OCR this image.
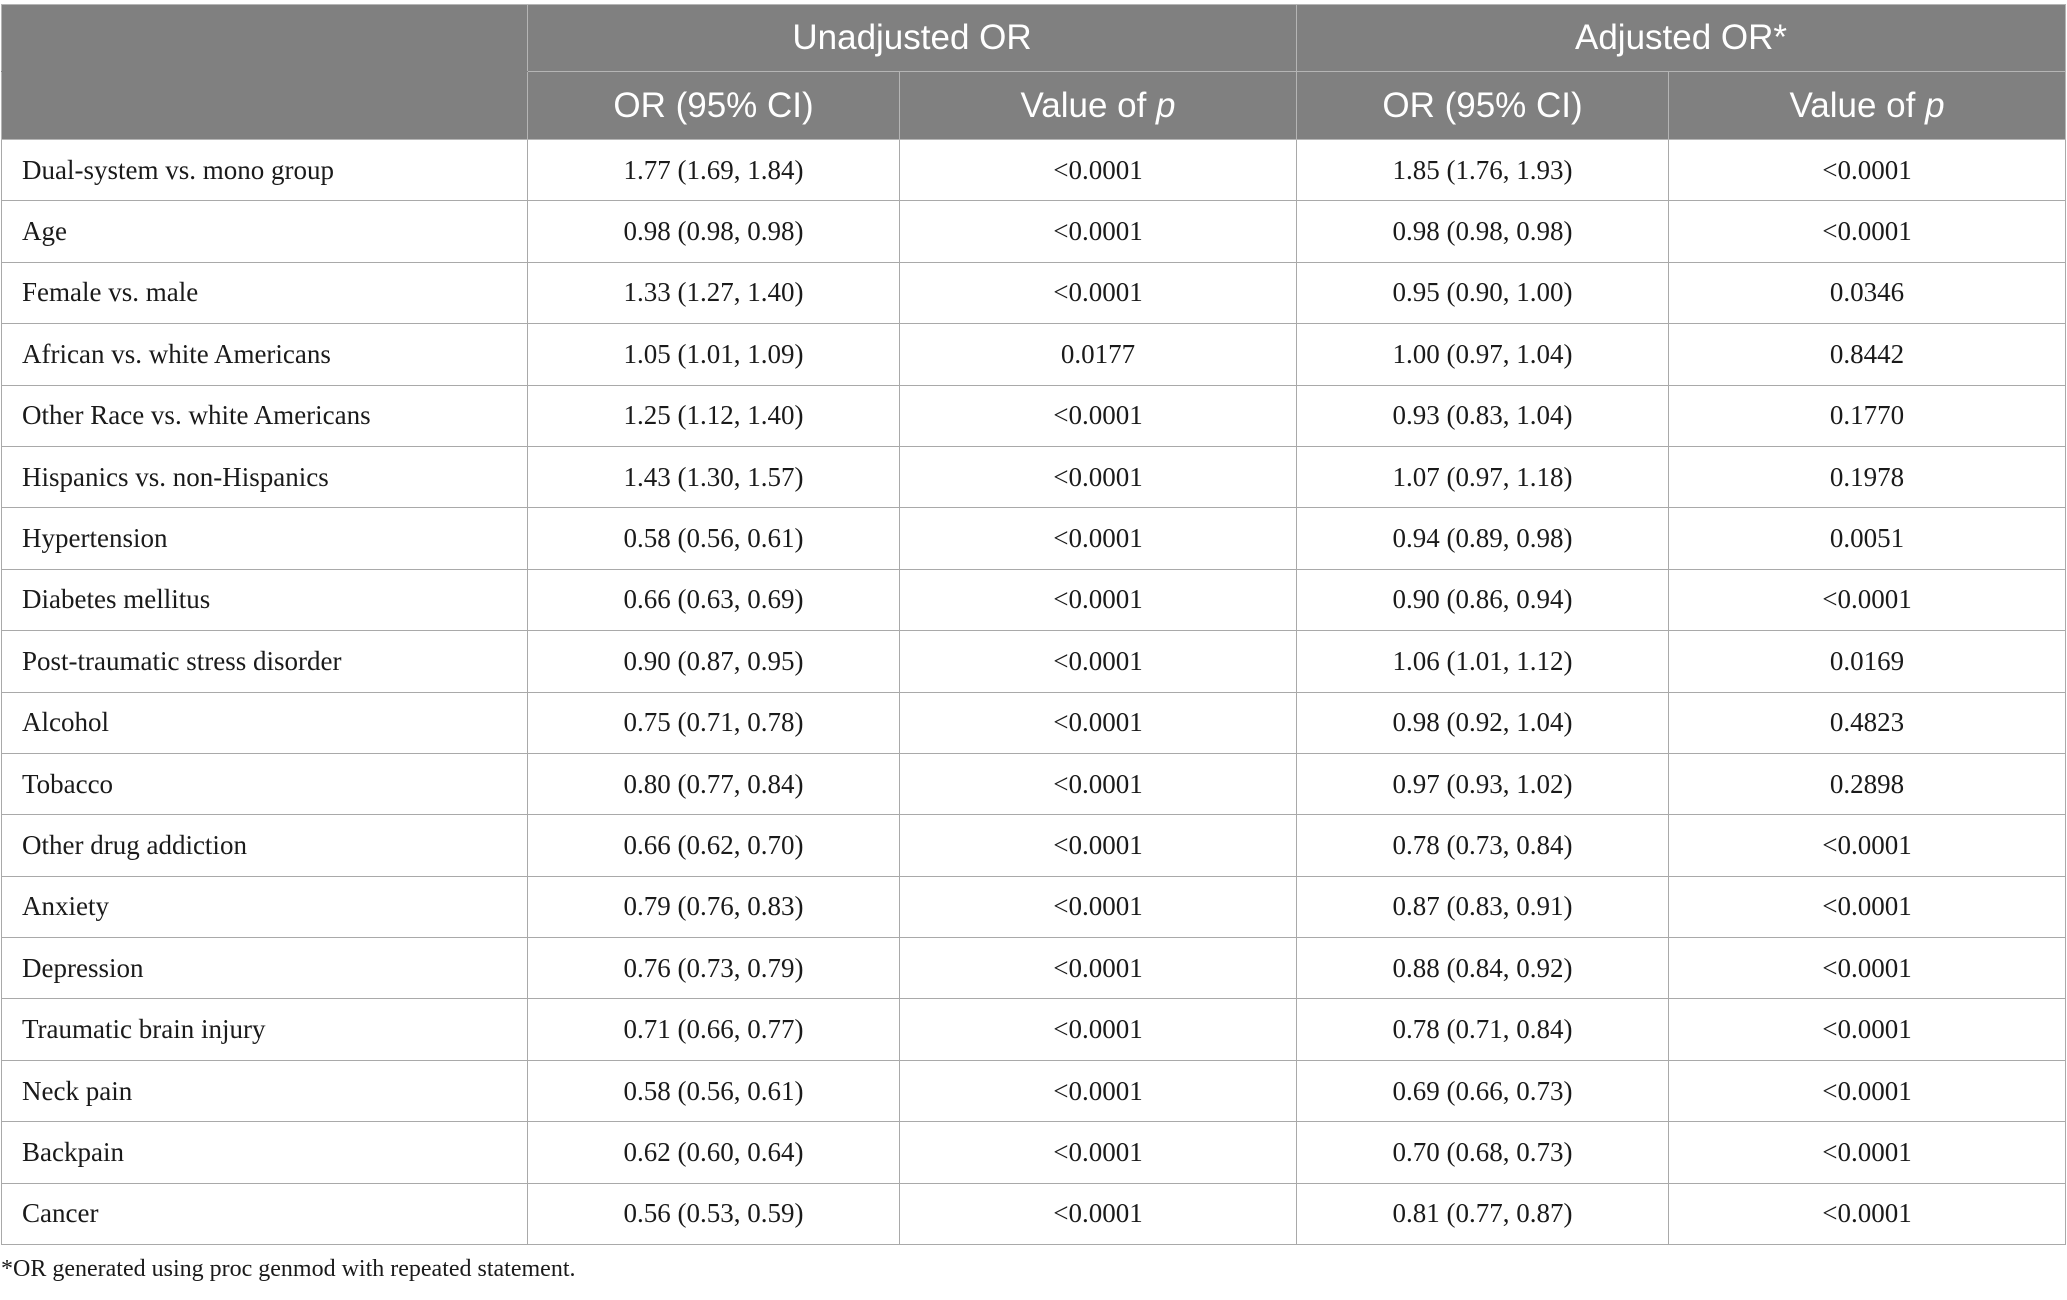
	Unadjusted OR		Adjusted OR*	
	OR (95% CI)	Value of p	OR (95% CI)	Value of p
Dual-system vs. mono group	1.77 (1.69, 1.84)	<0.0001	1.85 (1.76, 1.93)	<0.0001
Age	0.98 (0.98, 0.98)	<0.0001	0.98 (0.98, 0.98)	<0.0001
Female vs. male	1.33 (1.27, 1.40)	<0.0001	0.95 (0.90, 1.00)	0.0346
African vs. white Americans	1.05 (1.01, 1.09)	0.0177	1.00 (0.97, 1.04)	0.8442
Other Race vs. white Americans	1.25 (1.12, 1.40)	<0.0001	0.93 (0.83, 1.04)	0.1770
Hispanics vs. non-Hispanics	1.43 (1.30, 1.57)	<0.0001	1.07 (0.97, 1.18)	0.1978
Hypertension	0.58 (0.56, 0.61)	<0.0001	0.94 (0.89, 0.98)	0.0051
Diabetes mellitus	0.66 (0.63, 0.69)	<0.0001	0.90 (0.86, 0.94)	<0.0001
Post-traumatic stress disorder	0.90 (0.87, 0.95)	<0.0001	1.06 (1.01, 1.12)	0.0169
Alcohol	0.75 (0.71, 0.78)	<0.0001	0.98 (0.92, 1.04)	0.4823
Tobacco	0.80 (0.77, 0.84)	<0.0001	0.97 (0.93, 1.02)	0.2898
Other drug addiction	0.66 (0.62, 0.70)	<0.0001	0.78 (0.73, 0.84)	<0.0001
Anxiety	0.79 (0.76, 0.83)	<0.0001	0.87 (0.83, 0.91)	<0.0001
Depression	0.76 (0.73, 0.79)	<0.0001	0.88 (0.84, 0.92)	<0.0001
Traumatic brain injury	0.71 (0.66, 0.77)	<0.0001	0.78 (0.71, 0.84)	<0.0001
Neck pain	0.58 (0.56, 0.61)	<0.0001	0.69 (0.66, 0.73)	<0.0001
Backpain	0.62 (0.60, 0.64)	<0.0001	0.70 (0.68, 0.73)	<0.0001
Cancer	0.56 (0.53, 0.59)	<0.0001	0.81 (0.77, 0.87)	<0.0001
*OR generated using proc genmod with repeated statement.
